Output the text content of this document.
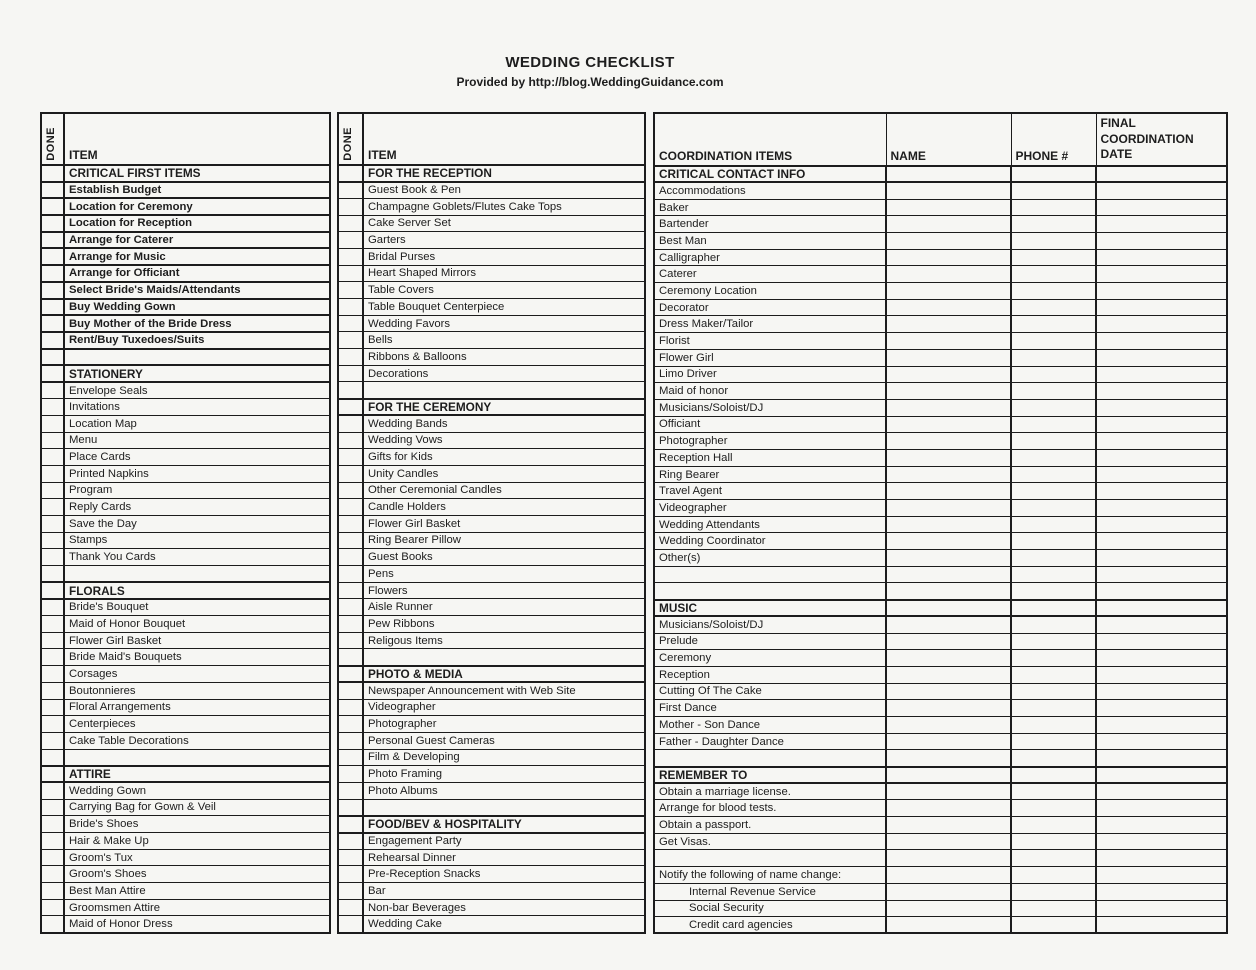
WEDDING CHECKLIST
Provided by http://blog.WeddingGuidance.com
DONE	ITEM
	CRITICAL FIRST ITEMS
	Establish Budget
	Location for Ceremony
	Location for Reception
	Arrange for Caterer
	Arrange for Music
	Arrange for Officiant
	Select Bride's Maids/Attendants
	Buy Wedding Gown
	Buy Mother of the Bride Dress
	Rent/Buy Tuxedoes/Suits

	STATIONERY
	Envelope Seals
	Invitations
	Location Map
	Menu
	Place Cards
	Printed Napkins
	Program
	Reply Cards
	Save the Day
	Stamps
	Thank You Cards

	FLORALS
	Bride's Bouquet
	Maid of Honor Bouquet
	Flower Girl Basket
	Bride Maid's Bouquets
	Corsages
	Boutonnieres
	Floral Arrangements
	Centerpieces
	Cake Table Decorations

	ATTIRE
	Wedding Gown
	Carrying Bag for Gown & Veil
	Bride's Shoes
	Hair & Make Up
	Groom's Tux
	Groom's Shoes
	Best Man Attire
	Groomsmen Attire
	Maid of Honor Dress
DONE	ITEM
	FOR THE RECEPTION
	Guest Book & Pen
	Champagne Goblets/Flutes Cake Tops
	Cake Server Set
	Garters
	Bridal Purses
	Heart Shaped Mirrors
	Table Covers
	Table Bouquet Centerpiece
	Wedding Favors
	Bells
	Ribbons & Balloons
	Decorations

	FOR THE CEREMONY
	Wedding Bands
	Wedding Vows
	Gifts for Kids
	Unity Candles
	Other Ceremonial Candles
	Candle Holders
	Flower Girl Basket
	Ring Bearer Pillow
	Guest Books
	Pens
	Flowers
	Aisle Runner
	Pew Ribbons
	Religous Items

	PHOTO & MEDIA
	Newspaper Announcement with Web Site
	Videographer
	Photographer
	Personal Guest Cameras
	Film & Developing
	Photo Framing
	Photo Albums

	FOOD/BEV & HOSPITALITY
	Engagement Party
	Rehearsal Dinner
	Pre-Reception Snacks
	Bar
	Non-bar Beverages
	Wedding Cake
COORDINATION ITEMS	NAME	PHONE #	FINAL COORDINATION DATE

CRITICAL CONTACT INFO			
Accommodations			
Baker			
Bartender			
Best Man			
Calligrapher			
Caterer			
Ceremony Location			
Decorator			
Dress Maker/Tailor			
Florist			
Flower Girl			
Limo Driver			
Maid of honor			
Musicians/Soloist/DJ			
Officiant			
Photographer			
Reception Hall			
Ring Bearer			
Travel Agent			
Videographer			
Wedding Attendants			
Wedding Coordinator			
Other(s)			

MUSIC			
Musicians/Soloist/DJ			
Prelude			
Ceremony			
Reception			
Cutting Of The Cake			
First Dance			
Mother - Son Dance			
Father - Daughter Dance			

REMEMBER TO			
Obtain a marriage license.			
Arrange for blood tests.			
Obtain a passport.			
Get Visas.			

Notify the following of name change:			
Internal Revenue Service			
Social Security			
Credit card agencies			
